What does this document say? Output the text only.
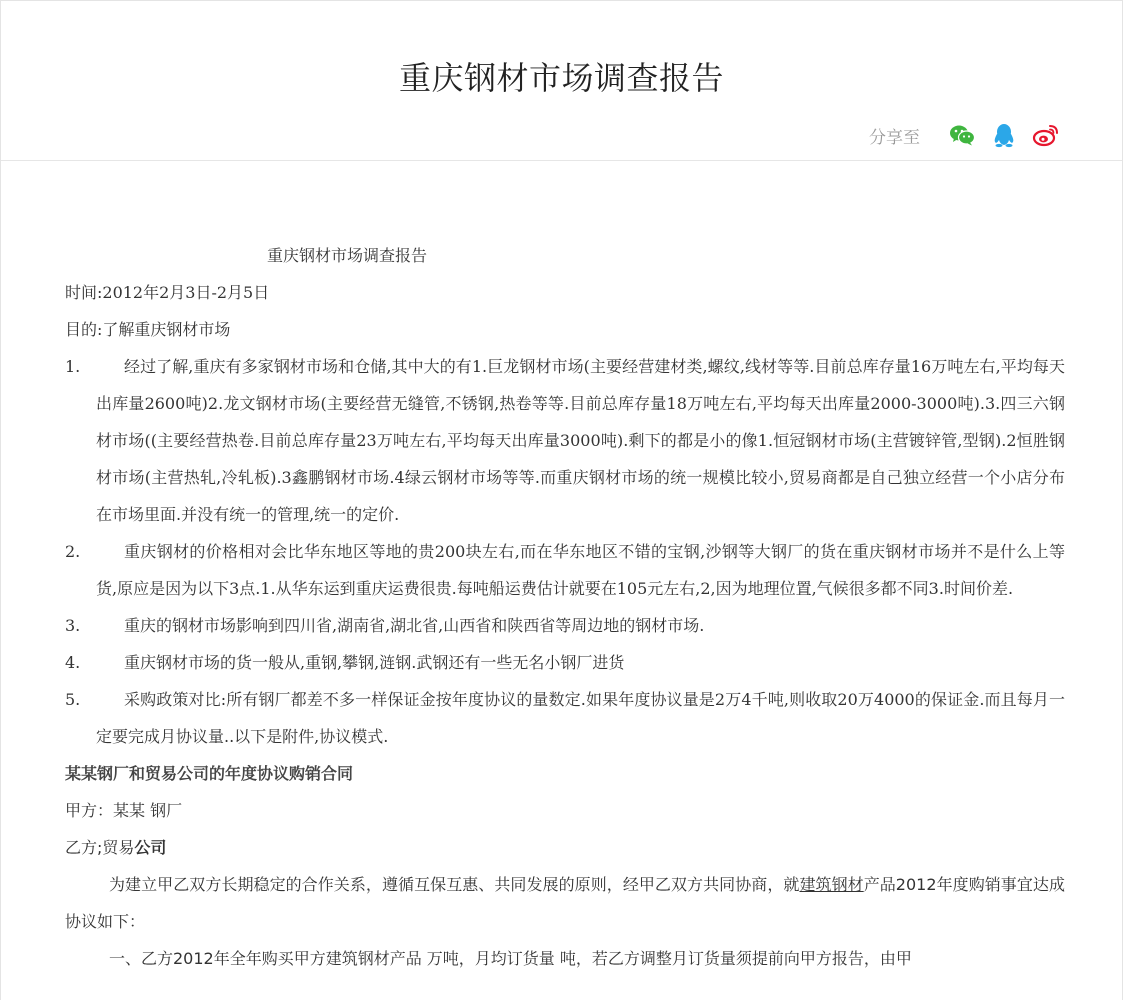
重庆钢材市场调查报告
分享至
重庆钢材市场调查报告
时间:2012年2月3日-2月5日
目的:了解重庆钢材市场
1.	经过了解,重庆有多家钢材市场和仓储,其中大的有1.巨龙钢材市场(主要经营建材类,螺纹,线材等等.目前总库存量16万吨左右,平均每天出库量2600吨)2.龙文钢材市场(主要经营无缝管,不锈钢,热卷等等.目前总库存量18万吨左右,平均每天出库量2000-3000吨).3.四三六钢材市场((主要经营热卷.目前总库存量23万吨左右,平均每天出库量3000吨).剩下的都是小的像1.恒冠钢材市场(主营镀锌管,型钢).2恒胜钢材市场(主营热轧,冷轧板).3鑫鹏钢材市场.4绿云钢材市场等等.而重庆钢材市场的统一规模比较小,贸易商都是自己独立经营一个小店分布在市场里面.并没有统一的管理,统一的定价.
2.	重庆钢材的价格相对会比华东地区等地的贵200块左右,而在华东地区不错的宝钢,沙钢等大钢厂的货在重庆钢材市场并不是什么上等货,原应是因为以下3点.1.从华东运到重庆运费很贵.每吨船运费估计就要在105元左右,2,因为地理位置,气候很多都不同3.时间价差.
3.	重庆的钢材市场影响到四川省,湖南省,湖北省,山西省和陕西省等周边地的钢材市场.
4.	重庆钢材市场的货一般从,重钢,攀钢,涟钢.武钢还有一些无名小钢厂进货
5.	采购政策对比:所有钢厂都差不多一样保证金按年度协议的量数定.如果年度协议量是2万4千吨,则收取20万4000的保证金.而且每月一定要完成月协议量..以下是附件,协议模式.
某某钢厂和贸易公司的年度协议购销合同
甲方：某某 钢厂
乙方;贸易公司
为建立甲乙双方长期稳定的合作关系，遵循互保互惠、共同发展的原则，经甲乙双方共同协商，就建筑钢材产品2012年度购销事宜达成协议如下：
一、乙方2012年全年购买甲方建筑钢材产品 万吨，月均订货量 吨，若乙方调整月订货量须提前向甲方报告，由甲
